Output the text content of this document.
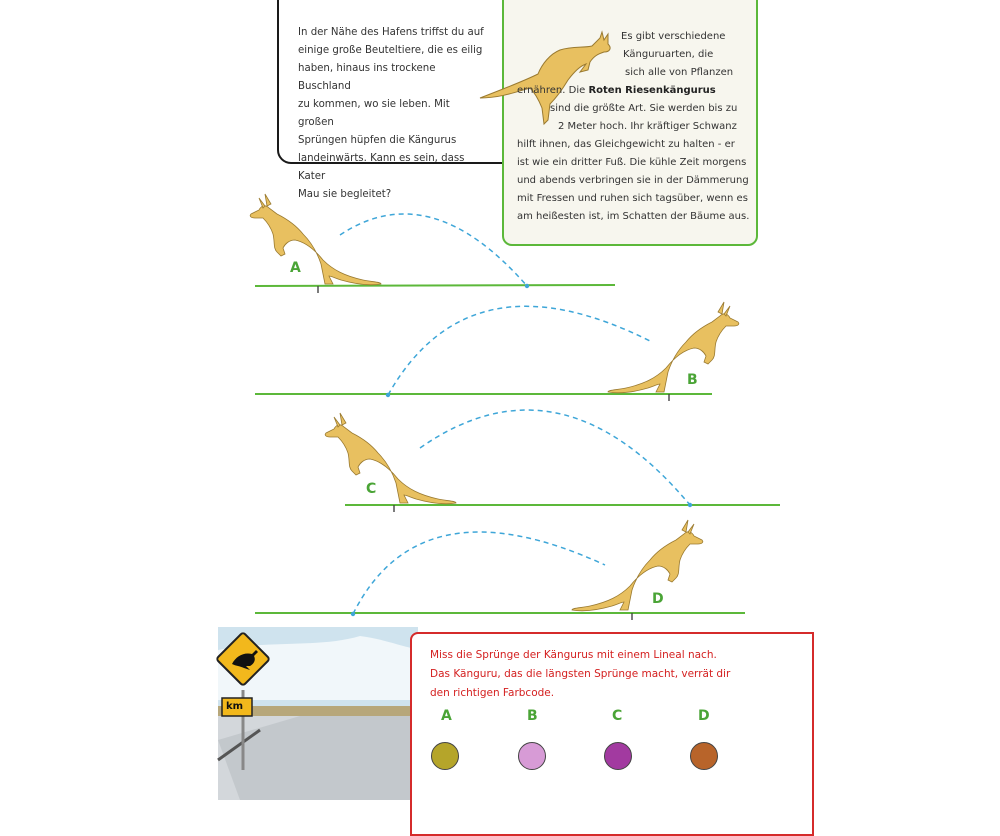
A
B
C
D
km
In der Nähe des Hafens triffst du auf
einige große Beuteltiere, die es eilig
haben, hinaus ins trockene Buschland
zu kommen, wo sie leben. Mit großen
Sprüngen hüpfen die Kängurus
landeinwärts. Kann es sein, dass Kater
Mau sie begleitet?
Es gibt verschiedene
Känguruarten, die
sich alle von Pflanzen
ernähren. Die Roten Riesenkängurus
sind die größte Art. Sie werden bis zu
2 Meter hoch. Ihr kräftiger Schwanz
hilft ihnen, das Gleichgewicht zu halten - er
ist wie ein dritter Fuß. Die kühle Zeit morgens
und abends verbringen sie in der Dämmerung
mit Fressen und ruhen sich tagsüber, wenn es
am heißesten ist, im Schatten der Bäume aus.
Miss die Sprünge der Kängurus mit einem Lineal nach.
Das Känguru, das die längsten Sprünge macht, verrät dir
den richtigen Farbcode.
A	B	C	D
